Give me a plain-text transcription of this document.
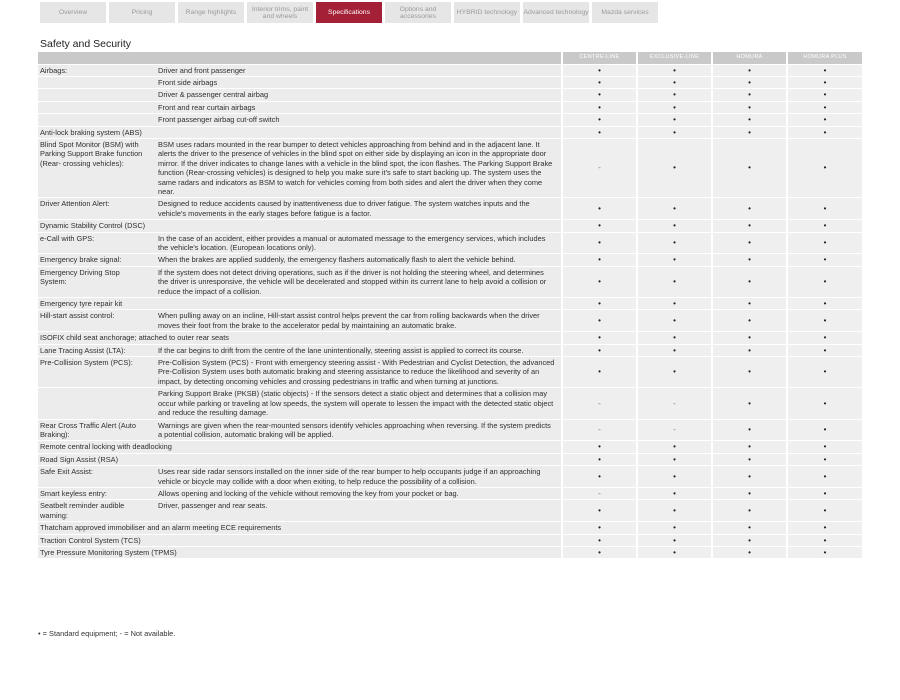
Overview	Pricing	Range highlights	Interior trims, paint and wheels	Specifications	Options and accessories	HYBRID technology Advanced technology	Mazda services
Safety and Security
		CENTRE-LINE	EXCLUSIVE-LINE	HOMURA	HOMURA PLUS
Airbags:	Driver and front passenger	•	•	•	•
	Front side airbags	•	•	•	•
	Driver & passenger central airbag	•	•	•	•
	Front and rear curtain airbags	•	•	•	•
	Front passenger airbag cut-off switch	•	•	•	•
Anti-lock braking system (ABS)		•	•	•	•
Blind Spot Monitor (BSM) with Parking Support Brake function (Rear- crossing vehicles):	BSM uses radars mounted in the rear bumper to detect vehicles approaching from behind and in the adjacent lane. It alerts the driver to the presence of vehicles in the blind spot on either side by displaying an icon in the appropriate door mirror. If the driver indicates to change lanes with a vehicle in the blind spot, the icon flashes. The Parking Support Brake function (Rear-crossing vehicles) is designed to help you make sure it's safe to start backing up. The system uses the same radars and indicators as BSM to watch for vehicles coming from both sides and alert the driver when they come near.	-	•	•	•
Driver Attention Alert:	Designed to reduce accidents caused by inattentiveness due to driver fatigue. The system watches inputs and the vehicle's movements in the early stages before fatigue is a factor.	•	•	•	•
Dynamic Stability Control (DSC)		•	•	•	•
e-Call with GPS:	In the case of an accident, either provides a manual or automated message to the emergency services, which includes the vehicle's location. (European locations only).	•	•	•	•
Emergency brake signal:	When the brakes are applied suddenly, the emergency flashers automatically flash to alert the vehicle behind.	•	•	•	•
Emergency Driving Stop System:	If the system does not detect driving operations, such as if the driver is not holding the steering wheel, and determines the driver is unresponsive, the vehicle will be decelerated and stopped within its current lane to help avoid a collision or reduce the impact of a collision.	•	•	•	•
Emergency tyre repair kit		•	•	•	•
Hill-start assist control:	When pulling away on an incline, Hill-start assist control helps prevent the car from rolling backwards when the driver moves their foot from the brake to the accelerator pedal by maintaining an automatic brake.	•	•	•	•
ISOFIX child seat anchorage; attached to outer rear seats		•	•	•	•
Lane Tracing Assist (LTA):	If the car begins to drift from the centre of the lane unintentionally, steering assist is applied to correct its course.	•	•	•	•
Pre-Collision System (PCS):	Pre-Collision System (PCS) - Front with emergency steering assist - With Pedestrian and Cyclist Detection, the advanced Pre-Collision System uses both automatic braking and steering assistance to reduce the likelihood and severity of an impact, by detecting oncoming vehicles and crossing pedestrians in traffic and when turning at junctions.	•	•	•	•
	Parking Support Brake (PKSB) (static objects) - If the sensors detect a static object and determines that a collision may occur while parking or traveling at low speeds, the system will operate to lessen the impact with the detected static object and reduce the resulting damage.	-	-	•	•
Rear Cross Traffic Alert (Auto Braking):	Warnings are given when the rear-mounted sensors identify vehicles approaching when reversing. If the system predicts a potential collision, automatic braking will be applied.	-	-	•	•
Remote central locking with deadlocking		•	•	•	•
Road Sign Assist (RSA)		•	•	•	•
Safe Exit Assist:	Uses rear side radar sensors installed on the inner side of the rear bumper to help occupants judge if an approaching vehicle or bicycle may collide with a door when exiting, to help reduce the possibility of a collision.	•	•	•	•
Smart keyless entry:	Allows opening and locking of the vehicle without removing the key from your pocket or bag.	-	•	•	•
Seatbelt reminder audible warning:	Driver, passenger and rear seats.	•	•	•	•
Thatcham approved immobiliser and an alarm meeting ECE requirements		•	•	•	•
Traction Control System (TCS)		•	•	•	•
Tyre Pressure Monitoring System (TPMS)		•	•	•	•
• = Standard equipment; - = Not available.
